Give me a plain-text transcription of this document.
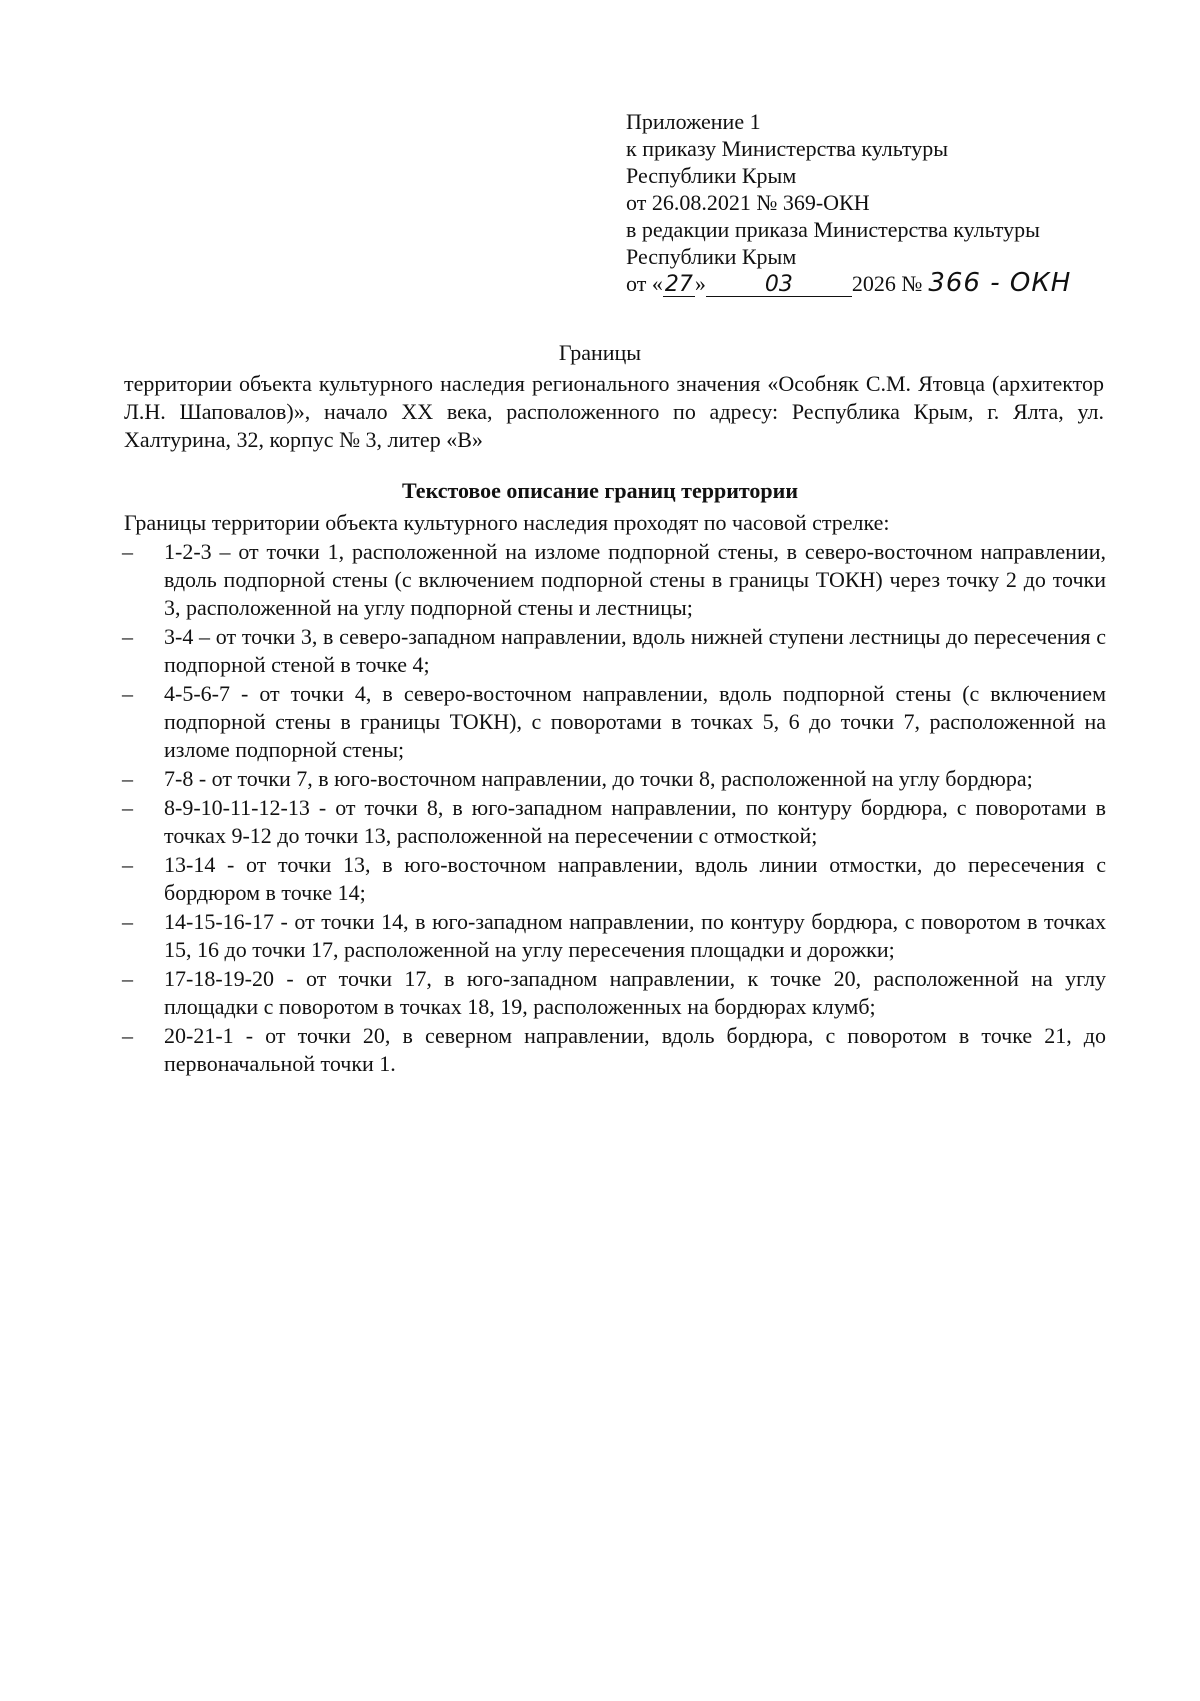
Приложение 1
к приказу Министерства культуры
Республики Крым
от 26.08.2021 № 369-ОКН
в редакции приказа Министерства культуры
Республики Крым
от « 27 »	03	2026 № 366 - ОКН
Границы
территории объекта культурного наследия регионального значения «Особняк С.М. Ятовца (архитектор Л.Н. Шаповалов)», начало XX века, расположенного по адресу: Республика Крым, г. Ялта, ул. Халтурина, 32, корпус № 3, литер «В»
Текстовое описание границ территории
Границы территории объекта культурного наследия проходят по часовой стрелке:
–	1-2-3 – от точки 1, расположенной на изломе подпорной стены, в северо-восточном направлении, вдоль подпорной стены (с включением подпорной стены в границы ТОКН) через точку 2 до точки 3, расположенной на углу подпорной стены и лестницы;
–	3-4 – от точки 3, в северо-западном направлении, вдоль нижней ступени лестницы до пересечения с подпорной стеной в точке 4;
–	4-5-6-7 - от точки 4, в северо-восточном направлении, вдоль подпорной стены (с включением подпорной стены в границы ТОКН), с поворотами в точках 5, 6 до точки 7, расположенной на изломе подпорной стены;
–	7-8 - от точки 7, в юго-восточном направлении, до точки 8, расположенной на углу бордюра;
–	8-9-10-11-12-13 - от точки 8, в юго-западном направлении, по контуру бордюра, с поворотами в точках 9-12 до точки 13, расположенной на пересечении с отмосткой;
–	13-14 - от точки 13, в юго-восточном направлении, вдоль линии отмостки, до пересечения с бордюром в точке 14;
–	14-15-16-17 - от точки 14, в юго-западном направлении, по контуру бордюра, с поворотом в точках 15, 16 до точки 17, расположенной на углу пересечения площадки и дорожки;
–	17-18-19-20 - от точки 17, в юго-западном направлении, к точке 20, расположенной на углу площадки с поворотом в точках 18, 19, расположенных на бордюрах клумб;
–	20-21-1 - от точки 20, в северном направлении, вдоль бордюра, с поворотом в точке 21, до первоначальной точки 1.
